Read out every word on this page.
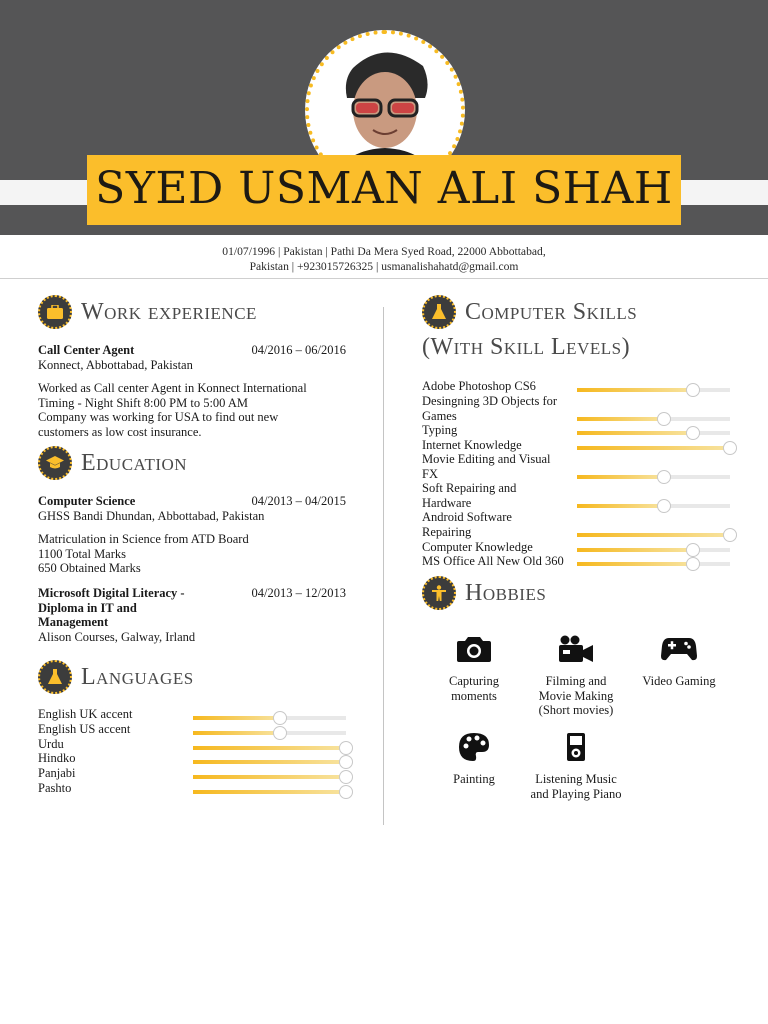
SYED USMAN ALI SHAH
01/07/1996 | Pakistan | Pathi Da Mera Syed Road, 22000 Abbottabad,
Pakistan | +923015726325 | usmanalishahatd@gmail.com
Work experience
Call Center Agent	04/2016 – 06/2016
Konnect, Abbottabad, Pakistan
Worked as Call center Agent in Konnect International
Timing - Night Shift 8:00 PM to 5:00 AM
Company was working for USA to find out new
customers as low cost insurance.
Education
Computer Science	04/2013 – 04/2015
GHSS Bandi Dhundan, Abbottabad, Pakistan
Matriculation in Science from ATD Board
1100 Total Marks
650 Obtained Marks
Microsoft Digital Literacy -
Diploma in IT and
Management
04/2013 – 12/2013
Alison Courses, Galway, Irland
Languages
English UK accent
English US accent
Urdu
Hindko
Panjabi
Pashto
Computer Skills
(With Skill Levels)
Adobe Photoshop CS6
Desingning 3D Objects for
Games
Typing
Internet Knowledge
Movie Editing and Visual
FX
Soft Repairing and
Hardware
Android Software
Repairing
Computer Knowledge
MS Office All New Old 360
Hobbies
Capturing
moments
Filming and
Movie Making
(Short movies)
Video Gaming
Painting	Listening Music
and Playing Piano
